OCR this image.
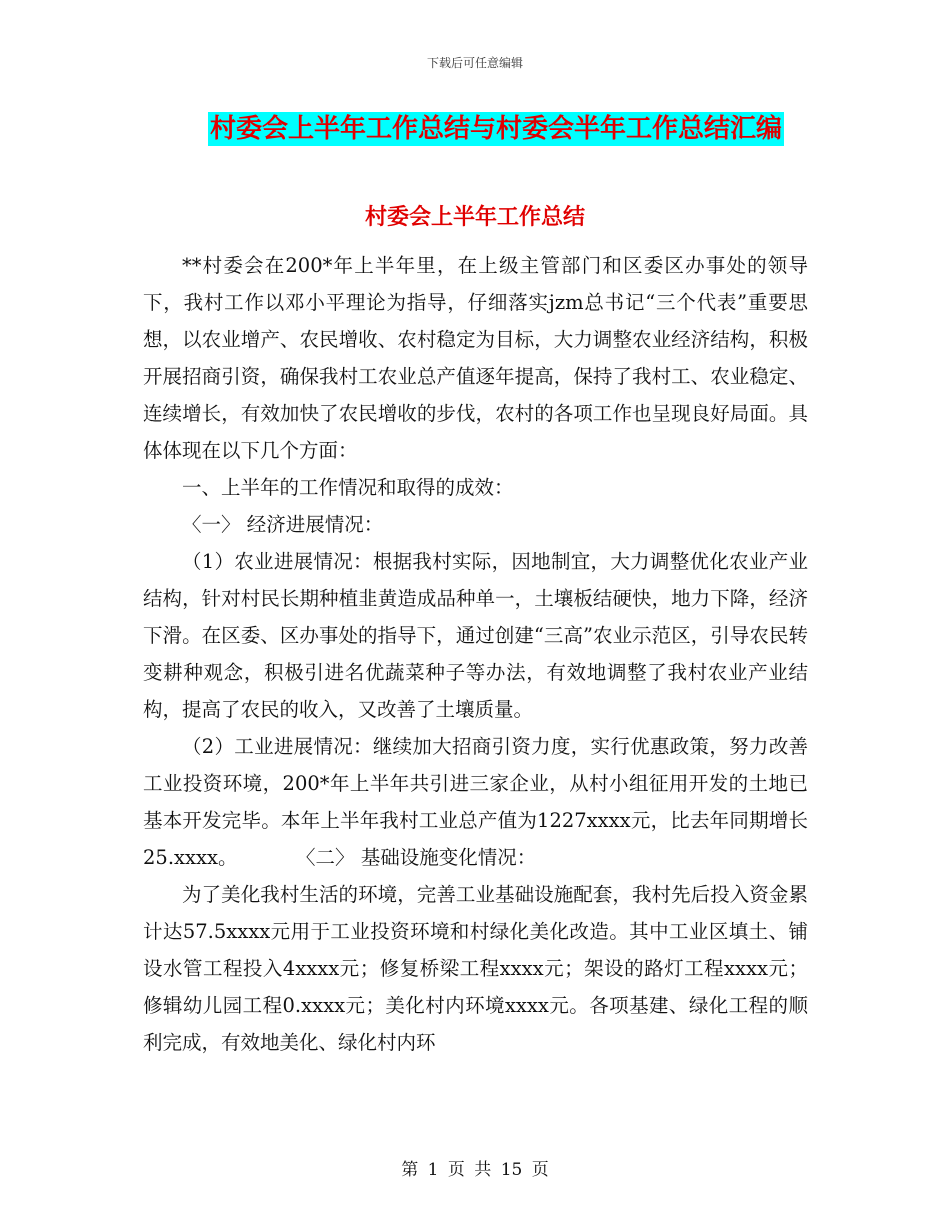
下载后可任意编辑
村委会上半年工作总结与村委会半年工作总结汇编
村委会上半年工作总结

**村委会在200*年上半年里，在上级主管部门和区委区办事处的领导下，我村工作以邓小平理论为指导，仔细落实jzm总书记“三个代表”重要思想，以农业增产、农民增收、农村稳定为目标，大力调整农业经济结构，积极开展招商引资，确保我村工农业总产值逐年提高，保持了我村工、农业稳定、连续增长，有效加快了农民增收的步伐，农村的各项工作也呈现良好局面。具体体现在以下几个方面：

一、上半年的工作情况和取得的成效：

〈一〉 经济进展情况：

（1）农业进展情况：根据我村实际，因地制宜，大力调整优化农业产业结构，针对村民长期种植韭黄造成品种单一，土壤板结硬快，地力下降，经济下滑。在区委、区办事处的指导下，通过创建“三高”农业示范区，引导农民转变耕种观念，积极引进名优蔬菜种子等办法，有效地调整了我村农业产业结构，提高了农民的收入，又改善了土壤质量。

（2）工业进展情况：继续加大招商引资力度，实行优惠政策，努力改善工业投资环境，200*年上半年共引进三家企业，从村小组征用开发的土地已基本开发完毕。本年上半年我村工业总产值为1227xxxx元，比去年同期增长25.xxxx。　　　　〈二〉 基础设施变化情况：

为了美化我村生活的环境，完善工业基础设施配套，我村先后投入资金累计达57.5xxxx元用于工业投资环境和村绿化美化改造。其中工业区填土、铺设水管工程投入4xxxx元；修复桥梁工程xxxx元；架设的路灯工程xxxx元；修辑幼儿园工程0.xxxx元；美化村内环境xxxx元。各项基建、绿化工程的顺利完成，有效地美化、绿化村内环

第 1 页 共 15 页
